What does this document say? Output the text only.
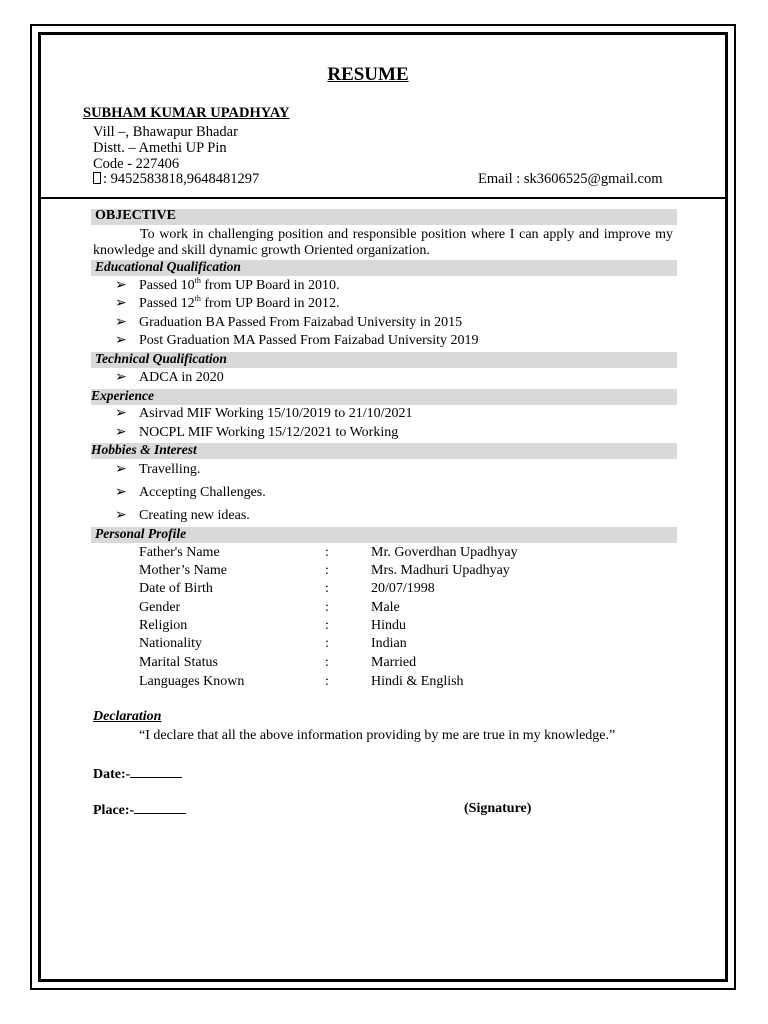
RESUME
SUBHAM KUMAR UPADHYAY
Vill –, Bhawapur Bhadar
Distt. – Amethi UP Pin
Code - 227406
: 9452583818,9648481297	Email : sk3606525@gmail.com
OBJECTIVE
To work in challenging position and responsible position where I can apply and improve my knowledge and skill dynamic growth Oriented organization.
Educational Qualification
➢ Passed 10th from UP Board in 2010.
➢ Passed 12th from UP Board in 2012.
➢ Graduation BA Passed From Faizabad University in 2015
➢ Post Graduation MA Passed From Faizabad University 2019
Technical Qualification
➢ ADCA in 2020
Experience
➢ Asirvad MIF Working 15/10/2019 to 21/10/2021
➢ NOCPL MIF Working 15/12/2021 to Working
Hobbies & Interest
➢ Travelling.
➢ Accepting Challenges.
➢ Creating new ideas.
Personal Profile
Father's Name	:	Mr. Goverdhan Upadhyay
Mother’s Name	:	Mrs. Madhuri Upadhyay
Date of Birth	:	20/07/1998
Gender	:	Male
Religion	:	Hindu
Nationality	:	Indian
Marital Status	:	Married
Languages Known	:	Hindi & English
Declaration
“I declare that all the above information providing by me are true in my knowledge.”
Date:-
Place:-	(Signature)
